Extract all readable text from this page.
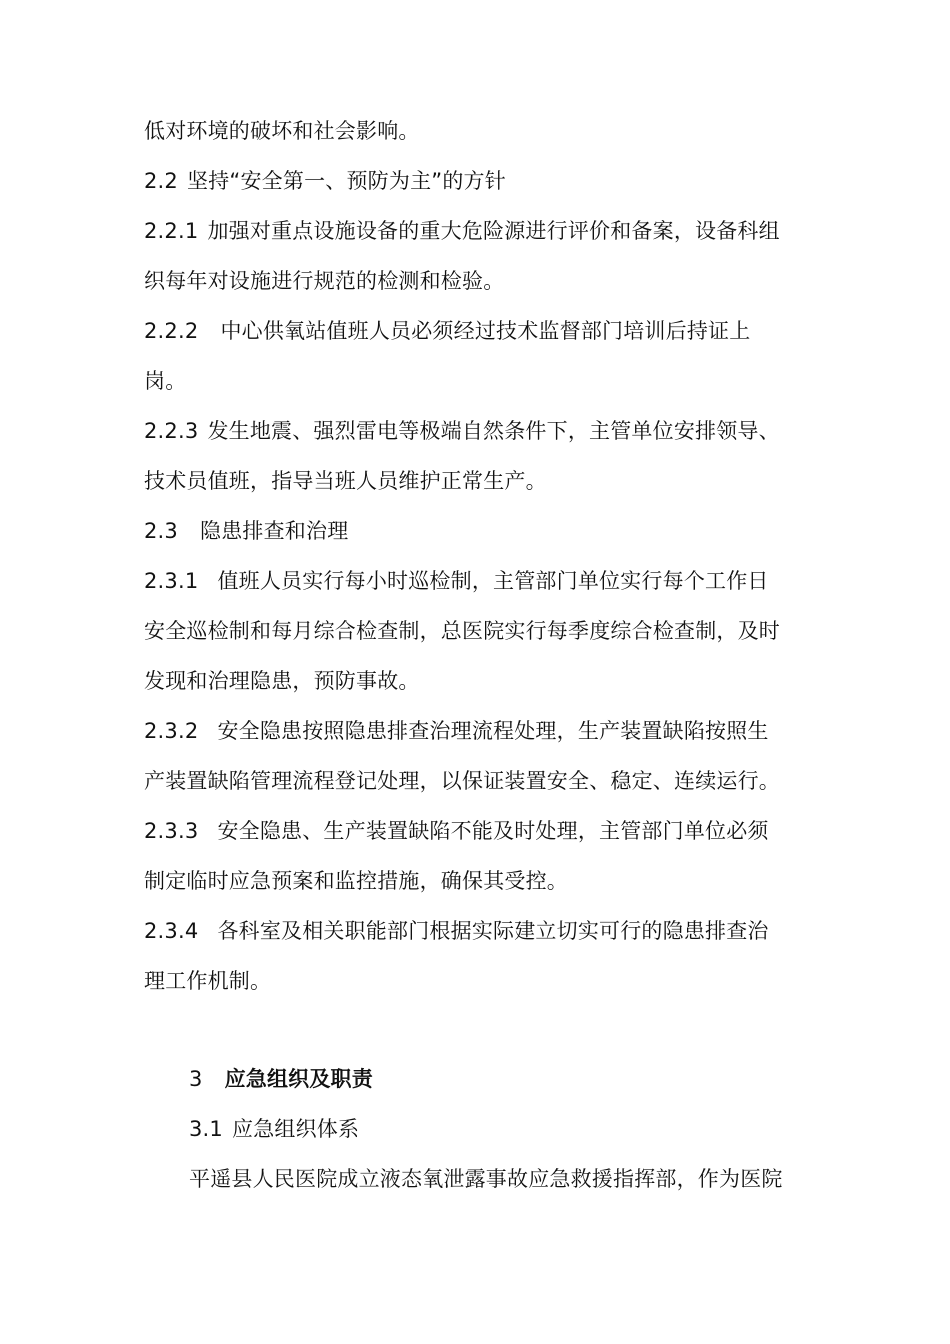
低对环境的破坏和社会影响。
2.2 坚持“安全第一、预防为主”的方针
2.2.1 加强对重点设施设备的重大危险源进行评价和备案，设备科组
织每年对设施进行规范的检测和检验。
2.2.2 中心供氧站值班人员必须经过技术监督部门培训后持证上
岗。
2.2.3 发生地震、强烈雷电等极端自然条件下，主管单位安排领导、
技术员值班，指导当班人员维护正常生产。
2.3 隐患排查和治理
2.3.1 值班人员实行每小时巡检制，主管部门单位实行每个工作日
安全巡检制和每月综合检查制，总医院实行每季度综合检查制，及时
发现和治理隐患，预防事故。
2.3.2 安全隐患按照隐患排查治理流程处理，生产装置缺陷按照生
产装置缺陷管理流程登记处理，以保证装置安全、稳定、连续运行。
2.3.3 安全隐患、生产装置缺陷不能及时处理，主管部门单位必须
制定临时应急预案和监控措施，确保其受控。
2.3.4 各科室及相关职能部门根据实际建立切实可行的隐患排查治
理工作机制。
3 应急组织及职责
3.1 应急组织体系
平遥县人民医院成立液态氧泄露事故应急救援指挥部，作为医院
